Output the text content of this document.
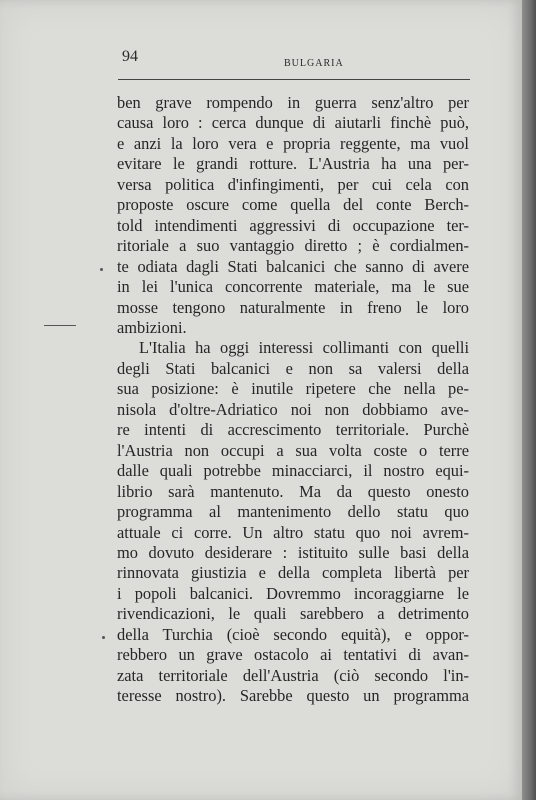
94	BULGARIA
ben grave rompendo in guerra senz'altro per
causa loro : cerca dunque di aiutarli finchè può,
e anzi la loro vera e propria reggente, ma vuol
evitare le grandi rotture. L'Austria ha una per-
versa politica d'infingimenti, per cui cela con
proposte oscure come quella del conte Berch-
told intendimenti aggressivi di occupazione ter-
ritoriale a suo vantaggio diretto ; è cordialmen-
te odiata dagli Stati balcanici che sanno di avere
in lei l'unica concorrente materiale, ma le sue
mosse tengono naturalmente in freno le loro
ambizioni.
L'Italia ha oggi interessi collimanti con quelli
degli Stati balcanici e non sa valersi della
sua posizione: è inutile ripetere che nella pe-
nisola d'oltre-Adriatico noi non dobbiamo ave-
re intenti di accrescimento territoriale. Purchè
l'Austria non occupi a sua volta coste o terre
dalle quali potrebbe minacciarci, il nostro equi-
librio sarà mantenuto. Ma da questo onesto
programma al mantenimento dello statu quo
attuale ci corre. Un altro statu quo noi avrem-
mo dovuto desiderare : istituito sulle basi della
rinnovata giustizia e della completa libertà per
i popoli balcanici. Dovremmo incoraggiarne le
rivendicazioni, le quali sarebbero a detrimento
della Turchia (cioè secondo equità), e oppor-
rebbero un grave ostacolo ai tentativi di avan-
zata territoriale dell'Austria (ciò secondo l'in-
teresse nostro). Sarebbe questo un programma
